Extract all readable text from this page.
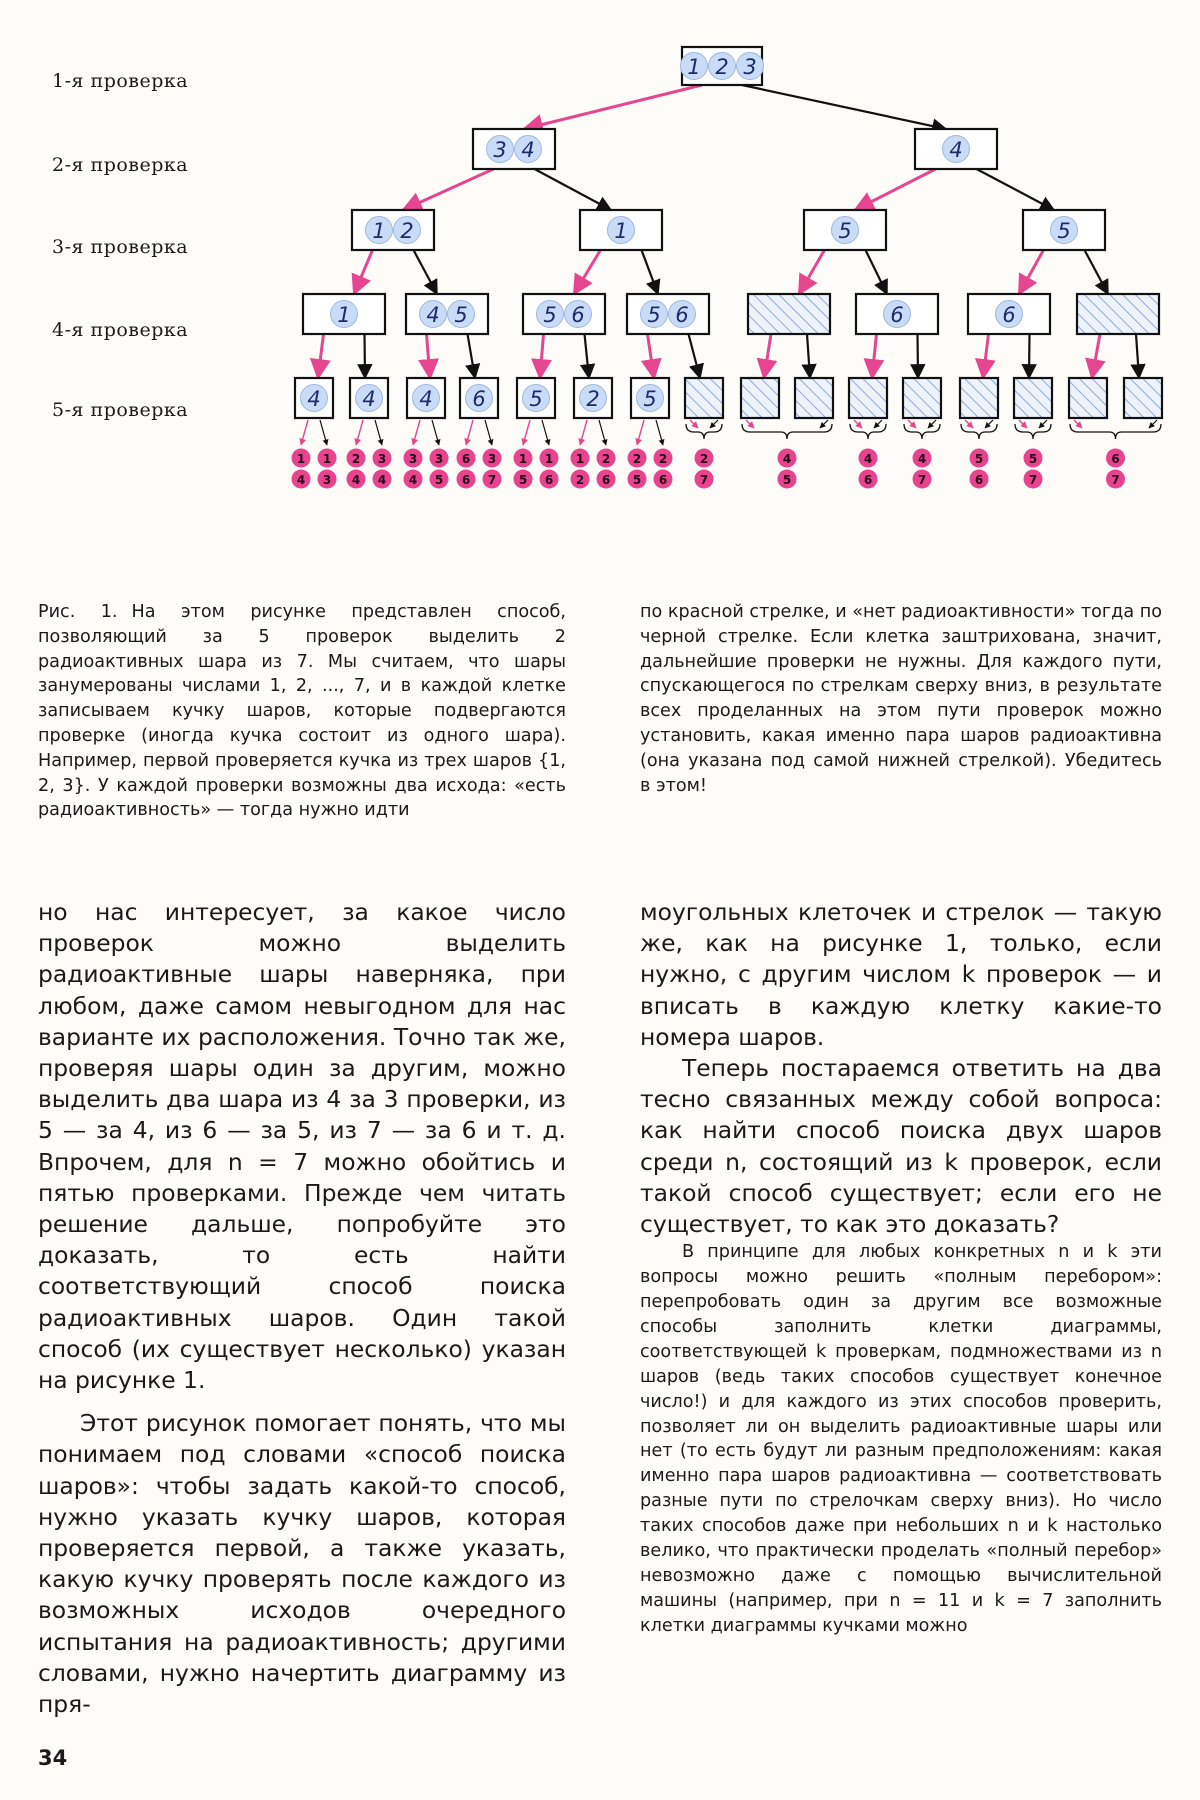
1 2 3
3 4	4
1 2	1	5	5
1	4 5	5 6	5 6	6	6
4 4 4 6 5 2 5
1
4
1
3
2
4
3
4
3
4
3
5
6
6
3
7
1
5
1
6
1
2
2
6
2
5
2
6
2
7
4
5
4
6
4
7
5
6
5
7
6
7
1-я проверка
2-я проверка
3-я проверка
4-я проверка
5-я проверка
Рис. 1. На этом рисунке представлен способ, позволяющий за 5 проверок выделить 2 радиоактивных шара из 7. Мы считаем, что шары занумерованы числами 1, 2, ..., 7, и в каждой клетке записываем кучку шаров, которые подвергаются проверке (иногда кучка состоит из одного шара). Например, первой проверяется кучка из трех шаров {1, 2, 3}. У каждой проверки возможны два исхода: «есть радиоактивность» — тогда нужно идти
по красной стрелке, и «нет радиоактивности» тогда по черной стрелке. Если клетка заштрихована, значит, дальнейшие проверки не нужны. Для каждого пути, спускающегося по стрелкам сверху вниз, в результате всех проделанных на этом пути проверок можно установить, какая именно пара шаров радиоактивна (она указана под самой нижней стрелкой). Убедитесь в этом!

но нас интересует, за какое число проверок можно выделить радиоактивные шары наверняка, при любом, даже самом невыгодном для нас варианте их расположения. Точно так же, проверяя шары один за другим, можно выделить два шара из 4 за 3 проверки, из 5 — за 4, из 6 — за 5, из 7 — за 6 и т. д. Впрочем, для n = 7 можно обойтись и пятью проверками. Прежде чем читать решение дальше, попробуйте это доказать, то есть найти соответствующий способ поиска радиоактивных шаров. Один такой способ (их существует несколько) указан на рисунке 1.

Этот рисунок помогает понять, что мы понимаем под словами «способ поиска шаров»: чтобы задать какой-то способ, нужно указать кучку шаров, которая проверяется первой, а также указать, какую кучку проверять после каждого из возможных исходов очередного испытания на радиоактивность; другими словами, нужно начертить диаграмму из пря-

моугольных клеточек и стрелок — такую же, как на рисунке 1, только, если нужно, с другим числом k проверок — и вписать в каждую клетку какие-то номера шаров.

Теперь постараемся ответить на два тесно связанных между собой вопроса: как найти способ поиска двух шаров среди n, состоящий из k проверок, если такой способ существует; если его не существует, то как это доказать?

В принципе для любых конкретных n и k эти вопросы можно решить «полным перебором»: перепробовать один за другим все возможные способы заполнить клетки диаграммы, соответствующей k проверкам, подмножествами из n шаров (ведь таких способов существует конечное число!) и для каждого из этих способов проверить, позволяет ли он выделить радиоактивные шары или нет (то есть будут ли разным предположениям: какая именно пара шаров радиоактивна — соответствовать разные пути по стрелочкам сверху вниз). Но число таких способов даже при небольших n и k настолько велико, что практически проделать «полный перебор» невозможно даже с помощью вычислительной машины (например, при n = 11 и k = 7 заполнить клетки диаграммы кучками можно

34
